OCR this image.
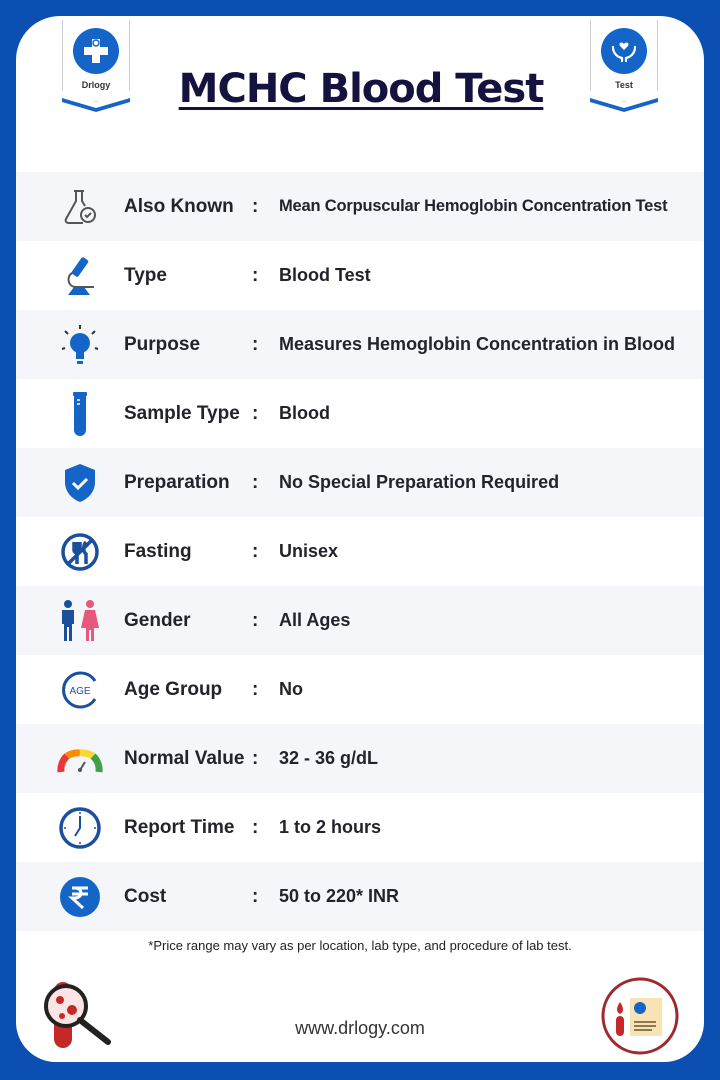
Drlogy	MCHC Blood Test	Test
Also Known : Mean Corpuscular Hemoglobin Concentration Test
Type	: Blood Test
Purpose	: Measures Hemoglobin Concentration in Blood
Sample Type : Blood
Preparation : No Special Preparation Required
Fasting	: Unisex
Gender	: All Ages
AGE Age Group : No
Normal Value : 32 - 36 g/dL
Report Time : 1 to 2 hours
Cost	: 50 to 220* INR
*Price range may vary as per location, lab type, and procedure of lab test.
www.drlogy.com
